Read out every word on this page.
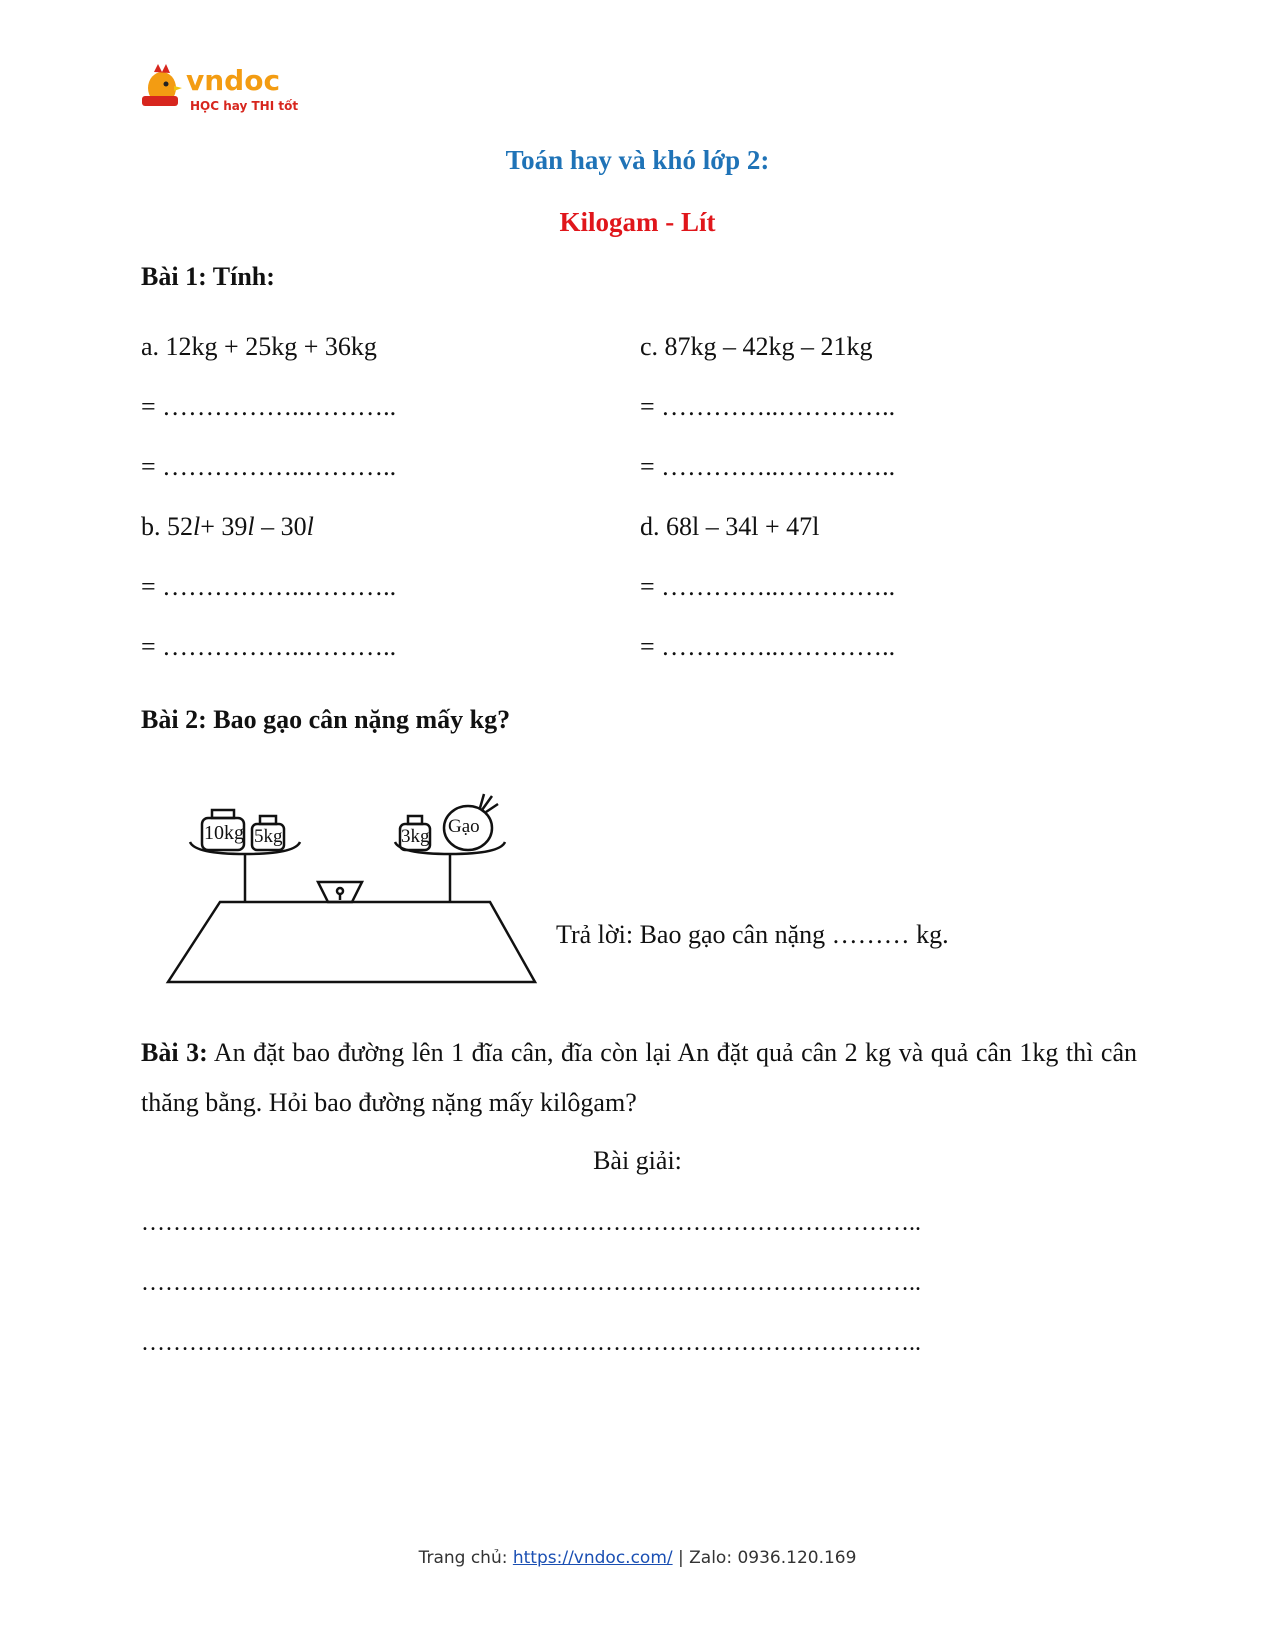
vndoc
HỌC hay THI tốt
Toán hay và khó lớp 2:
Kilogam - Lít
Bài 1: Tính:
a. 12kg + 25kg + 36kg	c. 87kg – 42kg – 21kg
= ……………..………..	= …………..…………..
= ……………..………..	= …………..…………..
b. 52l+ 39l – 30l	d. 68l – 34l + 47l
= ……………..………..	= …………..…………..
= ……………..………..	= …………..…………..
Bài 2: Bao gạo cân nặng mấy kg?
10kg 5kg	3kg Gạo
Trả lời: Bao gạo cân nặng ……… kg.
Bài 3: An đặt bao đường lên 1 đĩa cân, đĩa còn lại An đặt quả cân 2 kg và quả cân 1kg thì cân thăng bằng. Hỏi bao đường nặng mấy kilôgam?
Bài giải:
……………………………………………………………………………………..
……………………………………………………………………………………..
……………………………………………………………………………………..
Trang chủ: https://vndoc.com/ | Zalo: 0936.120.169
